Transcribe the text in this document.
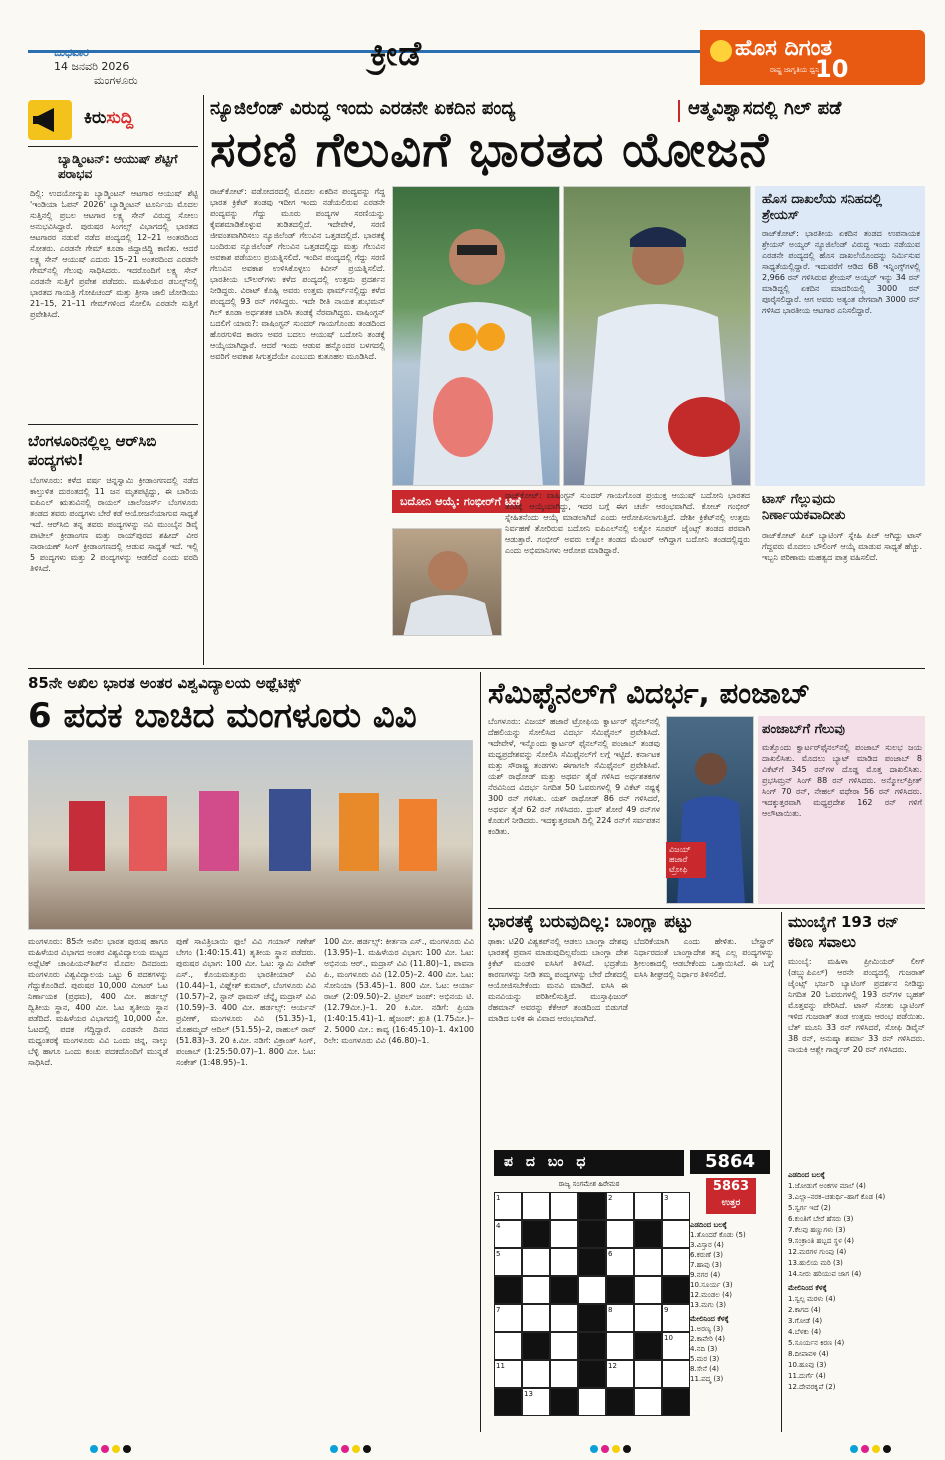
ಬುಧವಾರ
14 ಜನವರಿ 2026
ಮಂಗಳೂರು
ಕ್ರೀಡೆ	ಹೊಸ ದಿಗಂತ
ರಾಷ್ಟ್ರ ಜಾಗೃತಿಯ ಧ್ವನಿ
10
ಕಿರುಸುದ್ದಿ
ಬ್ಯಾಡ್ಮಿಂಟನ್: ಆಯುಷ್ ಶೆಟ್ಟಿಗೆ ಪರಾಭವ
ದಿಲ್ಲಿ: ಉದಯೋನ್ಮುಖ ಬ್ಯಾಡ್ಮಿಂಟನ್ ಆಟಗಾರ ಆಯುಷ್ ಶೆಟ್ಟಿ 'ಇಂಡಿಯಾ ಓಪನ್ 2026' ಬ್ಯಾಡ್ಮಿಂಟನ್ ಟೂರ್ನಿಯ ಮೊದಲ ಸುತ್ತಿನಲ್ಲಿ ಪ್ರಬಲ ಆಟಗಾರ ಲಕ್ಷ್ಯ ಸೇನ್ ವಿರುದ್ಧ ಸೋಲು ಅನುಭವಿಸಿದ್ದಾರೆ. ಪುರುಷರ ಸಿಂಗಲ್ಸ್ ವಿಭಾಗದಲ್ಲಿ ಭಾರತದ ಆಟಗಾರರ ನಡುವೆ ನಡೆದ ಪಂದ್ಯದಲ್ಲಿ 12–21 ಅಂತರದಿಂದ ಸೋತರು. ಎರಡನೇ ಗೇಮ್ ಕೂಡಾ ಜಿದ್ದಾಜಿದ್ದಿ ಕಾಣಿತು. ಆದರೆ ಲಕ್ಷ್ಯ ಸೇನ್ ಆಯುಷ್ ಎದುರು 15–21 ಅಂತರದಿಂದ ಎರಡನೇ ಗೇಮ್‌ನಲ್ಲಿ ಗೆಲುವು ಸಾಧಿಸಿದರು. ಇದರೊಂದಿಗೆ ಲಕ್ಷ್ಯ ಸೇನ್ ಎರಡನೇ ಸುತ್ತಿಗೆ ಪ್ರವೇಶ ಪಡೆದರು. ಮಹಿಳೆಯರ ಡಬಲ್ಸ್‌ನಲ್ಲಿ ಭಾರತದ ಗಾಯತ್ರಿ ಗೋಪಿಚಂದ್ ಮತ್ತು ತ್ರೀಸಾ ಜಾಲಿ ಜೋಡಿಯು 21–15, 21–11 ಗೇಮ್‌ಗಳಿಂದ ಸೋಲಿಸಿ ಎರಡನೇ ಸುತ್ತಿಗೆ ಪ್ರವೇಶಿಸಿದೆ.
ಬೆಂಗಳೂರಿನಲ್ಲಿಲ್ಲ ಆರ್‌ಸಿಬಿ ಪಂದ್ಯಗಳು!
ಬೆಂಗಳೂರು: ಕಳೆದ ವರ್ಷ ಚಿನ್ನಸ್ವಾಮಿ ಕ್ರೀಡಾಂಗಣದಲ್ಲಿ ನಡೆದ ಕಾಲ್ತುಳಿತ ದುರಂತದಲ್ಲಿ 11 ಜನ ಮೃತಪಟ್ಟಿದ್ದು, ಈ ಬಾರಿಯ ಐಪಿಎಲ್ ಋತುವಿನಲ್ಲಿ ರಾಯಲ್ ಚಾಲೆಂಜರ್ಸ್ ಬೆಂಗಳೂರು ತಂಡದ ತವರು ಪಂದ್ಯಗಳು ಬೇರೆ ಕಡೆ ಆಯೋಜನೆಯಾಗುವ ಸಾಧ್ಯತೆ ಇದೆ. ಆರ್‌ಸಿಬಿ ತನ್ನ ತವರು ಪಂದ್ಯಗಳನ್ನು ನವಿ ಮುಂಬೈನ ಡಿವೈ ಪಾಟೀಲ್ ಕ್ರೀಡಾಂಗಣ ಮತ್ತು ರಾಯ್‌ಪುರದ ಶಹೀದ್ ವೀರ ನಾರಾಯಣ್ ಸಿಂಗ್ ಕ್ರೀಡಾಂಗಣದಲ್ಲಿ ಆಡುವ ಸಾಧ್ಯತೆ ಇದೆ. ಇಲ್ಲಿ 5 ಪಂದ್ಯಗಳು ಮತ್ತು 2 ಪಂದ್ಯಗಳನ್ನು ಆಡಲಿದೆ ಎಂದು ವರದಿ ತಿಳಿಸಿದೆ.
ನ್ಯೂಜಿಲೆಂಡ್ ವಿರುದ್ಧ ಇಂದು ಎರಡನೇ ಏಕದಿನ ಪಂದ್ಯ	ಆತ್ಮವಿಶ್ವಾಸದಲ್ಲಿ ಗಿಲ್ ಪಡೆ
ಸರಣಿ ಗೆಲುವಿಗೆ ಭಾರತದ ಯೋಜನೆ
ರಾಜ್‌ಕೋಟ್: ವಡೋದರದಲ್ಲಿ ಮೊದಲ ಏಕದಿನ ಪಂದ್ಯವನ್ನು ಗೆದ್ದ ಭಾರತ ಕ್ರಿಕೆಟ್ ತಂಡವು ಇದೀಗ ಇಂದು ನಡೆಯಲಿರುವ ಎರಡನೇ ಪಂದ್ಯವನ್ನು ಗೆದ್ದು ಮೂರು ಪಂದ್ಯಗಳ ಸರಣಿಯನ್ನು ಕೈವಶಮಾಡಿಕೊಳ್ಳುವ ತುಡಿತದಲ್ಲಿದೆ. ಇದೇವೇಳೆ, ಸರಣಿ ಜೀವಂತವಾಗಿರಿಸಲು ನ್ಯೂಜಿಲೆಂಡ್ ಗೆಲುವಿನ ಒತ್ತಡದಲ್ಲಿದೆ. ಭಾರತಕ್ಕೆ ಬಂದಿರುವ ನ್ಯೂಜಿಲೆಂಡ್ ಗೆಲುವಿನ ಒತ್ತಡದಲ್ಲಿದ್ದು ಮತ್ತು ಗೆಲುವಿನ ಅವಕಾಶ ಪಡೆಯಲು ಪ್ರಯತ್ನಿಸಲಿದೆ. ಇಂದಿನ ಪಂದ್ಯದಲ್ಲಿ ಗೆದ್ದು ಸರಣಿ ಗೆಲುವಿನ ಅವಕಾಶ ಉಳಿಸಿಕೊಳ್ಳಲು ಕಿವೀಸ್ ಪ್ರಯತ್ನಿಸಲಿದೆ. ಭಾರತೀಯ ಬೌಲರ್‌ಗಳು ಕಳೆದ ಪಂದ್ಯದಲ್ಲಿ ಉತ್ತಮ ಪ್ರದರ್ಶನ ನೀಡಿದ್ದರು. ವಿರಾಟ್ ಕೊಹ್ಲಿ ಅವರು ಉತ್ತಮ ಫಾರ್ಮ್‌ನಲ್ಲಿದ್ದು ಕಳೆದ ಪಂದ್ಯದಲ್ಲಿ 93 ರನ್ ಗಳಿಸಿದ್ದರು. ಇದೇ ರೀತಿ ನಾಯಕ ಶುಭಮನ್ ಗಿಲ್ ಕೂಡಾ ಅರ್ಧಶತಕ ಬಾರಿಸಿ ತಂಡಕ್ಕೆ ನೆರವಾಗಿದ್ದರು. ವಾಷಿಂಗ್ಟನ್ ಬದಲಿಗೆ ಯಾರು?: ವಾಷಿಂಗ್ಟನ್ ಸುಂದರ್ ಗಾಯಗೊಂಡು ತಂಡದಿಂದ ಹೊರಗುಳಿದ ಕಾರಣ ಅವರ ಬದಲು ಆಯುಷ್ ಬದೋನಿ ತಂಡಕ್ಕೆ ಆಯ್ಕೆಯಾಗಿದ್ದಾರೆ. ಆದರೆ ಇಂದು ಆಡುವ ಹನ್ನೊಂದರ ಬಳಗದಲ್ಲಿ ಅವರಿಗೆ ಅವಕಾಶ ಸಿಗುತ್ತದೆಯೇ ಎಂಬುದು ಕುತೂಹಲ ಮೂಡಿಸಿದೆ.
ಬದೋನಿ ಆಯ್ಕೆ: ಗಂಭೀರ್‌ಗೆ ಟೀಕೆ
ರಾಜ್‌ಕೋಟ್: ವಾಷಿಂಗ್ಟನ್ ಸುಂದರ್ ಗಾಯಗೊಂಡ ಪ್ರಯುಕ್ತ ಆಯುಷ್ ಬದೋನಿ ಭಾರತದ ತಂಡಕ್ಕೆ ಆಯ್ಕೆಯಾಗಿದ್ದು, ಇದರ ಬಗ್ಗೆ ಈಗ ಚರ್ಚೆ ಆರಂಭವಾಗಿದೆ. ಕೋಚ್ ಗಂಭೀರ್ ಸ್ನೇಹಿತನೆಂದು ಆಯ್ಕೆ ಮಾಡಲಾಗಿದೆ ಎಂದು ಆರೋಪಿಸಲಾಗುತ್ತಿದೆ. ದೇಶೀ ಕ್ರಿಕೆಟ್‌ನಲ್ಲಿ ಉತ್ತಮ ನಿರ್ವಹಣೆ ತೋರಿರುವ ಬದೋನಿ ಐಪಿಎಲ್‌ನಲ್ಲಿ ಲಕ್ನೋ ಸೂಪರ್ ಜೈಂಟ್ಸ್ ತಂಡದ ಪರವಾಗಿ ಆಡುತ್ತಾರೆ. ಗಂಭೀರ್ ಅವರು ಲಕ್ನೋ ತಂಡದ ಮೆಂಟರ್ ಆಗಿದ್ದಾಗ ಬದೋನಿ ತಂಡದಲ್ಲಿದ್ದರು ಎಂದು ಅಭಿಮಾನಿಗಳು ಆರೋಪ ಮಾಡಿದ್ದಾರೆ.
ಹೊಸ ದಾಖಲೆಯ ಸನಿಹದಲ್ಲಿ ಶ್ರೇಯಸ್
ರಾಜ್‌ಕೋಟ್: ಭಾರತೀಯ ಏಕದಿನ ತಂಡದ ಉಪನಾಯಕ ಶ್ರೇಯಸ್ ಅಯ್ಯರ್ ನ್ಯೂಜಿಲೆಂಡ್ ವಿರುದ್ಧ ಇಂದು ನಡೆಯುವ ಎರಡನೇ ಪಂದ್ಯದಲ್ಲಿ ಹೊಸ ದಾಖಲೆಯೊಂದನ್ನು ನಿರ್ಮಿಸುವ ಸಾಧ್ಯತೆಯಲ್ಲಿದ್ದಾರೆ. ಇದುವರೆಗೆ ಆಡಿದ 68 ಇನ್ನಿಂಗ್ಸ್‌ಗಳಲ್ಲಿ 2,966 ರನ್ ಗಳಿಸಿರುವ ಶ್ರೇಯಸ್ ಅಯ್ಯರ್ ಇನ್ನು 34 ರನ್ ಮಾಡಿದ್ದಲ್ಲಿ ಏಕದಿನ ಮಾದರಿಯಲ್ಲಿ 3000 ರನ್ ಪೂರೈಸಲಿದ್ದಾರೆ. ಆಗ ಅವರು ಅತ್ಯಂತ ವೇಗವಾಗಿ 3000 ರನ್ ಗಳಿಸಿದ ಭಾರತೀಯ ಆಟಗಾರ ಎನಿಸಲಿದ್ದಾರೆ.
ಟಾಸ್ ಗೆಲ್ಲುವುದು ನಿರ್ಣಾಯಕವಾದೀತು
ರಾಜ್‌ಕೋಟ್ ಪಿಚ್ ಬ್ಯಾಟಿಂಗ್ ಸ್ನೇಹಿ ಪಿಚ್ ಆಗಿದ್ದು ಟಾಸ್ ಗೆದ್ದವರು ಮೊದಲು ಬೌಲಿಂಗ್ ಆಯ್ಕೆ ಮಾಡುವ ಸಾಧ್ಯತೆ ಹೆಚ್ಚು. ಇಬ್ಬನಿ ಪರಿಣಾಮ ಮಹತ್ವದ ಪಾತ್ರ ವಹಿಸಲಿದೆ.
85ನೇ ಅಖಿಲ ಭಾರತ ಅಂತರ ವಿಶ್ವವಿದ್ಯಾಲಯ ಅಥ್ಲೆಟಿಕ್ಸ್
6 ಪದಕ ಬಾಚಿದ ಮಂಗಳೂರು ವಿವಿ
ಮಂಗಳೂರು: 85ನೇ ಅಖಿಲ ಭಾರತ ಪುರುಷ ಹಾಗೂ ಮಹಿಳೆಯರ ವಿಭಾಗದ ಅಂತರ ವಿಶ್ವವಿದ್ಯಾಲಯ ಮಟ್ಟದ ಅಥ್ಲೆಟಿಕ್ ಚಾಂಪಿಯನ್‌ಶಿಪ್‌ನ ಮೊದಲ ದಿನದಂದು ಮಂಗಳೂರು ವಿಶ್ವವಿದ್ಯಾಲಯ ಒಟ್ಟು 6 ಪದಕಗಳನ್ನು ಗೆದ್ದುಕೊಂಡಿದೆ. ಪುರುಷರ 10,000 ಮೀಟರ್ ಓಟ ನಿರ್ಣಾಯಕ (ಪ್ರಥಮ), 400 ಮೀ. ಹರ್ಡಲ್ಸ್ ದ್ವಿತೀಯ ಸ್ಥಾನ, 400 ಮೀ. ಓಟ ತೃತೀಯ ಸ್ಥಾನ ಪಡೆದಿದೆ. ಮಹಿಳೆಯರ ವಿಭಾಗದಲ್ಲಿ 10,000 ಮೀ. ಓಟದಲ್ಲಿ ಪದಕ ಗೆದ್ದಿದ್ದಾರೆ. ಎರಡನೇ ದಿನದ ಮಧ್ಯಂತರಕ್ಕೆ ಮಂಗಳೂರು ವಿವಿ ಒಂದು ಚಿನ್ನ, ನಾಲ್ಕು ಬೆಳ್ಳಿ ಹಾಗೂ ಒಂದು ಕಂಚು ಪದಕದೊಂದಿಗೆ ಮುನ್ನಡೆ ಸಾಧಿಸಿದೆ.
ಪುಣೆ ಸಾವಿತ್ರಿಬಾಯಿ ಫುಲೆ ವಿವಿ ಗಯಾಸ್ ಗಣೇಶ್ ಬೇಗಂ (1:40:15.41) ತೃತೀಯ ಸ್ಥಾನ ಪಡೆದರು. ಪುರುಷರ ವಿಭಾಗ: 100 ಮೀ. ಓಟ: ಸ್ವಾಮಿ ವಿವೇಕ್ ಎಸ್., ಕೊಯಮತ್ತೂರು ಭಾರತೀಯಾರ್ ವಿವಿ (10.44)–1, ವಿಘ್ನೇಶ್ ಕುಮಾರ್, ಬೆಂಗಳೂರು ವಿವಿ (10.57)–2, ಸ್ಟಾನ್ ಥಾಮಸ್ ಚೆನ್ನೈ ಮದ್ರಾಸ್ ವಿವಿ (10.59)–3. 400 ಮೀ. ಹರ್ಡಲ್ಸ್: ಆರ್ಯನ್ ಪ್ರವೀಣ್, ಮಂಗಳೂರು ವಿವಿ (51.35)–1, ಮೊಹಮ್ಮದ್ ಆದಿಲ್ (51.55)–2, ರಾಹುಲ್ ರಾವ್ (51.83)–3. 20 ಕಿ.ಮೀ. ನಡಿಗೆ: ವಿಕ್ರಾಂತ್ ಸಿಂಗ್, ಪಂಜಾಬ್ (1:25:50.07)–1. 800 ಮೀ. ಓಟ: ಸಂಕೇತ್ (1:48.95)–1.
100 ಮೀ. ಹರ್ಡಲ್ಸ್: ಕೀರ್ತನಾ ಎಸ್., ಮಂಗಳೂರು ವಿವಿ (13.95)–1. ಮಹಿಳೆಯರ ವಿಭಾಗ: 100 ಮೀ. ಓಟ: ಅಭಿನಯ ಆರ್., ಮದ್ರಾಸ್ ವಿವಿ (11.80)–1, ಪಾವನಾ ಪಿ., ಮಂಗಳೂರು ವಿವಿ (12.05)–2. 400 ಮೀ. ಓಟ: ಸೋನಿಯಾ (53.45)–1. 800 ಮೀ. ಓಟ: ಆರ್ಯಾ ರಾಜ್ (2:09.50)–2. ಟ್ರಿಪಲ್ ಜಂಪ್: ಅಭಿನಯ ಟಿ. (12.79ಮೀ.)–1. 20 ಕಿ.ಮೀ. ನಡಿಗೆ: ಪ್ರಿಯಾ (1:40:15.41)–1. ಹೈಜಂಪ್: ಶ್ರುತಿ (1.75ಮೀ.)–2. 5000 ಮೀ.: ಕಾವ್ಯ (16:45.10)–1. 4x100 ರಿಲೇ: ಮಂಗಳೂರು ವಿವಿ (46.80)–1.
ಸೆಮಿಫೈನಲ್‌ಗೆ ವಿದರ್ಭ, ಪಂಜಾಬ್
ಬೆಂಗಳೂರು: ವಿಜಯ್ ಹಜಾರೆ ಟ್ರೋಫಿಯ ಕ್ವಾರ್ಟರ್ ಫೈನಲ್‌ನಲ್ಲಿ ದೆಹಲಿಯನ್ನು ಸೋಲಿಸಿದ ವಿದರ್ಭ ಸೆಮಿಫೈನಲ್ ಪ್ರವೇಶಿಸಿದೆ. ಇದೇವೇಳೆ, ಇನ್ನೊಂದು ಕ್ವಾರ್ಟರ್ ಫೈನಲ್‌ನಲ್ಲಿ ಪಂಜಾಬ್ ತಂಡವು ಮಧ್ಯಪ್ರದೇಶವನ್ನು ಸೋಲಿಸಿ ಸೆಮಿಫೈನಲ್‌ಗೆ ಲಗ್ಗೆ ಇಟ್ಟಿದೆ. ಕರ್ನಾಟಕ ಮತ್ತು ಸೌರಾಷ್ಟ್ರ ತಂಡಗಳು ಈಗಾಗಲೇ ಸೆಮಿಫೈನಲ್ ಪ್ರವೇಶಿಸಿವೆ. ಯಶ್ ರಾಥೋಡ್ ಮತ್ತು ಅಥರ್ವ ತೈಡೆ ಗಳಿಸಿದ ಅರ್ಧಶತಕಗಳ ನೆರವಿನಿಂದ ವಿದರ್ಭ ನಿಗದಿತ 50 ಓವರುಗಳಲ್ಲಿ 9 ವಿಕೆಟ್ ನಷ್ಟಕ್ಕೆ 300 ರನ್ ಗಳಿಸಿತು. ಯಶ್ ರಾಥೋಡ್ 86 ರನ್ ಗಳಿಸಿದರೆ, ಅಥರ್ವ ತೈಡೆ 62 ರನ್ ಗಳಿಸಿದರು. ಧ್ರುವ್ ಶೋರೆ 49 ರನ್‌ಗಳ ಕೊಡುಗೆ ನೀಡಿದರು. ಇದಕ್ಕುತ್ತರವಾಗಿ ದಿಲ್ಲಿ 224 ರನ್‌ಗೆ ಸರ್ವಪತನ ಕಂಡಿತು.
ವಿಜಯ್ ಹಜಾರೆ ಟ್ರೋಫಿ
ಪಂಜಾಬ್‌ಗೆ ಗೆಲುವು
ಮತ್ತೊಂದು ಕ್ವಾರ್ಟರ್‌ಫೈನಲ್‌ನಲ್ಲಿ ಪಂಜಾಬ್ ಸುಲಭ ಜಯ ದಾಖಲಿಸಿತು. ಮೊದಲು ಬ್ಯಾಟ್ ಮಾಡಿದ ಪಂಜಾಬ್ 8 ವಿಕೆಟ್‌ಗೆ 345 ರನ್‌ಗಳ ದೊಡ್ಡ ಮೊತ್ತ ದಾಖಲಿಸಿತು. ಪ್ರಭಸಿಮ್ರನ್ ಸಿಂಗ್ 88 ರನ್ ಗಳಿಸಿದರು. ಅನ್ಮೋಲ್‌ಪ್ರೀತ್ ಸಿಂಗ್ 70 ರನ್, ನೇಹಲ್ ವಧೇರಾ 56 ರನ್ ಗಳಿಸಿದರು. ಇದಕ್ಕುತ್ತರವಾಗಿ ಮಧ್ಯಪ್ರದೇಶ 162 ರನ್ ಗಳಿಗೆ ಆಲೌಟಾಯಿತು.
ಭಾರತಕ್ಕೆ ಬರುವುದಿಲ್ಲ: ಬಾಂಗ್ಲಾ ಪಟ್ಟು
ಢಾಕಾ: ಟಿ20 ವಿಶ್ವಕಪ್‌ನಲ್ಲಿ ಆಡಲು ಬಾಂಗ್ಲಾ ದೇಶವು ಭಾರತಕ್ಕೆ ಪ್ರವಾಸ ಮಾಡುವುದಿಲ್ಲವೆಂದು ಬಾಂಗ್ಲಾ ದೇಶ ಕ್ರಿಕೆಟ್ ಮಂಡಳಿ ಐಸಿಸಿಗೆ ತಿಳಿಸಿದೆ. ಭದ್ರತೆಯ ಕಾರಣಗಳನ್ನು ನೀಡಿ ತಮ್ಮ ಪಂದ್ಯಗಳನ್ನು ಬೇರೆ ದೇಶದಲ್ಲಿ ಆಯೋಜಿಸಬೇಕೆಂದು ಮನವಿ ಮಾಡಿದೆ. ಐಸಿಸಿ ಈ ಮನವಿಯನ್ನು ಪರಿಶೀಲಿಸುತ್ತಿದೆ. ಮುಸ್ತಾಫಿಜುರ್ ರೆಹಮಾನ್ ಅವರನ್ನು ಕೆಕೆಆರ್ ತಂಡದಿಂದ ಬಿಡುಗಡೆ ಮಾಡಿದ ಬಳಿಕ ಈ ವಿವಾದ ಆರಂಭವಾಗಿದೆ.
ಬೆದರಿಕೆಯಾಗಿ ಎಂದು ಹೇಳಿತು. ಬೇಸ್ಟ್ರಾರ್ ನಿರ್ಧಾರದಂತೆ ಬಾಂಗ್ಲಾದೇಶ ತನ್ನ ಎಲ್ಲ ಪಂದ್ಯಗಳನ್ನು ಶ್ರೀಲಂಕಾದಲ್ಲಿ ಆಡಬೇಕೆಂದು ಒತ್ತಾಯಿಸಿದೆ. ಈ ಬಗ್ಗೆ ಐಸಿಸಿ ಶೀಘ್ರದಲ್ಲಿ ನಿರ್ಧಾರ ತಿಳಿಸಲಿದೆ.
ಮುಂಬೈಗೆ 193 ರನ್ ಕಠಿಣ ಸವಾಲು
ಮುಂಬೈ: ಮಹಿಳಾ ಪ್ರೀಮಿಯರ್ ಲೀಗ್ (ಡಬ್ಲ್ಯುಪಿಎಲ್) ಆರನೇ ಪಂದ್ಯದಲ್ಲಿ ಗುಜರಾತ್ ಜೈಂಟ್ಸ್ ಭರ್ಜರಿ ಬ್ಯಾಟಿಂಗ್ ಪ್ರದರ್ಶನ ನೀಡಿದ್ದು ನಿಗದಿತ 20 ಓವರುಗಳಲ್ಲಿ 193 ರನ್‌ಗಳ ಬೃಹತ್ ಮೊತ್ತವನ್ನು ಪೇರಿಸಿದೆ. ಟಾಸ್ ಸೋತು ಬ್ಯಾಟಿಂಗ್ ಇಳಿದ ಗುಜರಾತ್ ತಂಡ ಉತ್ತಮ ಆರಂಭ ಪಡೆಯಿತು. ಬೆತ್ ಮೂನಿ 33 ರನ್ ಗಳಿಸಿದರೆ, ಸೋಫಿ ಡಿವೈನ್ 38 ರನ್, ಅನುಷ್ಕಾ ಶರ್ಮಾ 33 ರನ್ ಗಳಿಸಿದರು. ನಾಯಕಿ ಆಶ್ಲೇ ಗಾರ್ಡ್ನರ್ 20 ರನ್ ಗಳಿಸಿದರು.
ಪ ದ ಬಂ ಧ
ರಾಜ್ಯ ಸಂಗಮೇಶ ಹಿರೇಮಠ
5864
5863
ಉತ್ತರ
1	2	3
4
5	6
7	8	9
10
11	12
13
ಎಡದಿಂದ ಬಲಕ್ಕೆ
1.ತೊಂದರೆ ಕೊಡು (5)
3.ವಿಸ್ತಾರ (4)
6.ಕರುಣೆ (3)
7.ಹಾವು (3)
9.ನಗರ (4)
10.ಸೂರ್ಯ (3)
12.ಮಂಡಲ (4)
13.ಮಗು (3)
ಮೇಲಿನಿಂದ ಕೆಳಕ್ಕೆ
1.ಅರಣ್ಯ (3)
2.ಕಾವೇರಿ (4)
4.ನದಿ (3)
5.ಮರ (3)
8.ಸೇನೆ (4)
11.ಪದ್ಮ (3)
ಎಡದಿಂದ ಬಲಕ್ಕೆ
1.ಜೋಡುಗೆ ಅಂಕಗಳ ಮಾಲೆ (4)
3.ಎಲ್ಲಾ–ನರಕ–ಚತುರ್ಥಿ–ಹಾಗೆ ಕೊಡ (4)
5.ಸ್ವರ್ಗ ಇದೆ (2)
6.ಕುಂತಿಗೆ ಬೇರೆ ಹೆಸರು (3)
7.ಕೆಲವು ಹಣ್ಣುಗಳು (3)
9.ಸಂಕ್ರಾಂತಿ ಹಬ್ಬದ ಸ್ಥಳ (4)
12.ಮರಗಳ ಗುಂಪು (4)
13.ಹುಲಿಯ ಮರಿ (3)
14.ನೀರು ಹರಿಯುವ ಜಾಗ (4)
ಮೇಲಿನಿಂದ ಕೆಳಕ್ಕೆ
1.ಸ್ವಲ್ಪ ಮರಳು (4)
2.ಕಾಗದ (4)
3.ಗೋಡೆ (4)
4.ಬೆಳಕು (4)
5.ಸೂರ್ಯನ ಕಿರಣ (4)
8.ದೀಪಾವಳಿ (4)
10.ಹೂವು (3)
11.ದುರ್ಗೆ (4)
12.ದೇವರಕೃಪೆ (2)
